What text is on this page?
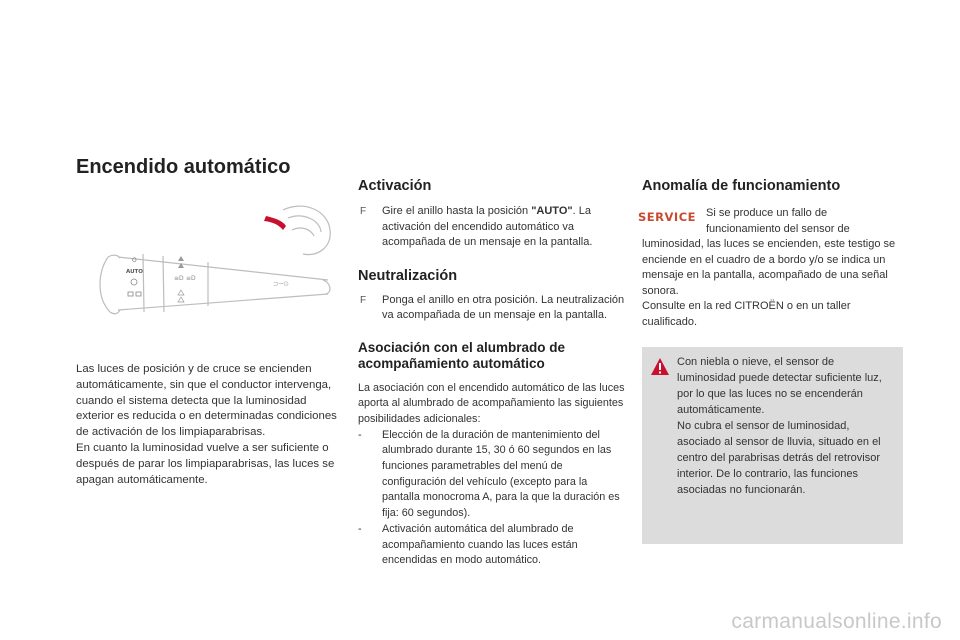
Encendido automático
O
AUTO
≡D ≡D
⊃─⊙

Las luces de posición y de cruce se encienden automáticamente, sin que el conductor intervenga, cuando el sistema detecta que la luminosidad exterior es reducida o en determinadas condiciones de activación de los limpiaparabrisas.
En cuanto la luminosidad vuelve a ser suficiente o después de parar los limpiaparabrisas, las luces se apagan automáticamente.

Activación
F Gire el anillo hasta la posición "AUTO". La activación del encendido automático va acompañada de un mensaje en la pantalla.
Neutralización
F Ponga el anillo en otra posición. La neutralización va acompañada de un mensaje en la pantalla.
Asociación con el alumbrado de acompañamiento automático

La asociación con el encendido automático de las luces aporta al alumbrado de acompañamiento las siguientes posibilidades adicionales:

- Elección de la duración de mantenimiento del alumbrado durante 15, 30 ó 60 segundos en las funciones parametrables del menú de configuración del vehículo (excepto para la pantalla monocroma A, para la que la duración es fija: 60 segundos).
- Activación automática del alumbrado de acompañamiento cuando las luces están encendidas en modo automático.
Anomalía de funcionamiento
SERVICE Si se produce un fallo de funcionamiento del sensor de luminosidad, las luces se encienden, este testigo se enciende en el cuadro de a bordo y/o se indica un mensaje en la pantalla, acompañado de una señal sonora.
Consulte en la red CITROËN o en un taller cualificado.
Con niebla o nieve, el sensor de luminosidad puede detectar suficiente luz, por lo que las luces no se encenderán automáticamente.
No cubra el sensor de luminosidad, asociado al sensor de lluvia, situado en el centro del parabrisas detrás del retrovisor interior. De lo contrario, las funciones asociadas no funcionarán.
carmanualsonline.info
